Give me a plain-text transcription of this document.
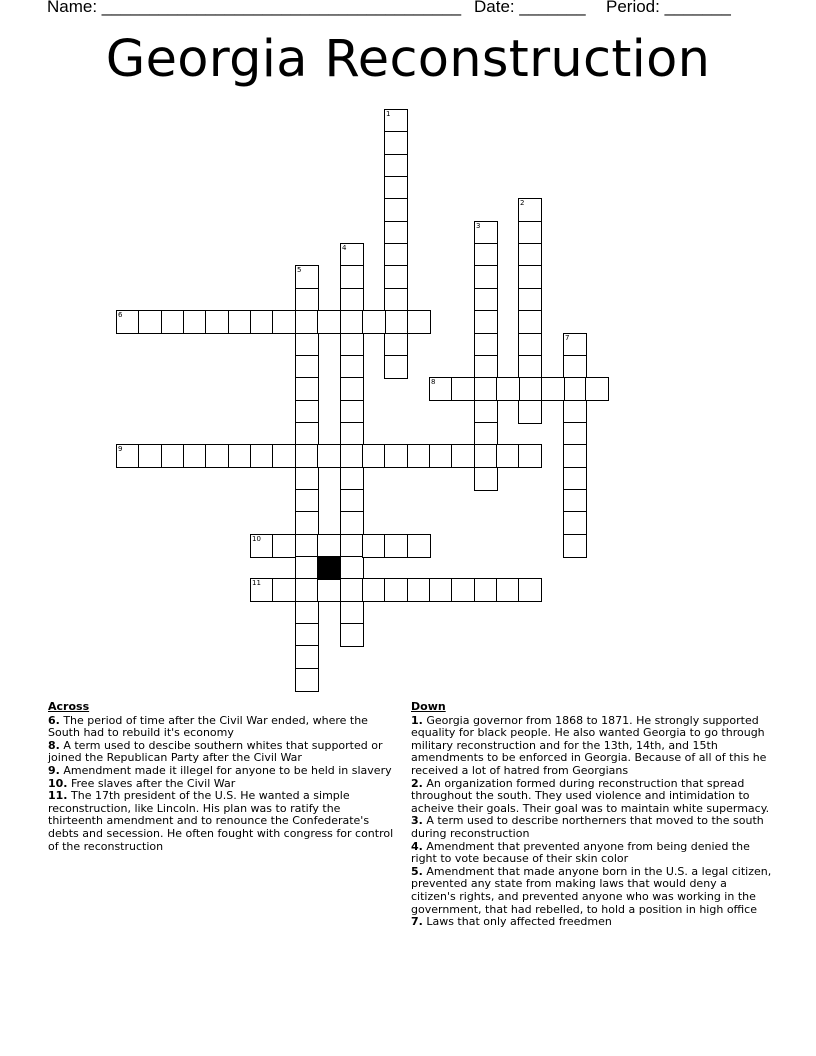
Name: ______________________________________ Date: _______ Period: _______
Georgia Reconstruction
1
2
3
4
5
6
7
8
9
10
11
Across

6. The period of time after the Civil War ended, where the South had to rebuild it's economy

8. A term used to descibe southern whites that supported or joined the Republican Party after the Civil War

9. Amendment made it illegel for anyone to be held in slavery

10. Free slaves after the Civil War

11. The 17th president of the U.S. He wanted a simple reconstruction, like Lincoln. His plan was to ratify the thirteenth amendment and to renounce the Confederate's debts and secession. He often fought with congress for control of the reconstruction

Down

1. Georgia governor from 1868 to 1871. He strongly supported equality for black people. He also wanted Georgia to go through military reconstruction and for the 13th, 14th, and 15th amendments to be enforced in Georgia. Because of all of this he received a lot of hatred from Georgians

2. An organization formed during reconstruction that spread throughout the south. They used violence and intimidation to acheive their goals. Their goal was to maintain white supermacy.

3. A term used to describe northerners that moved to the south during reconstruction

4. Amendment that prevented anyone from being denied the right to vote because of their skin color

5. Amendment that made anyone born in the U.S. a legal citizen, prevented any state from making laws that would deny a citizen's rights, and prevented anyone who was working in the government, that had rebelled, to hold a position in high office

7. Laws that only affected freedmen
